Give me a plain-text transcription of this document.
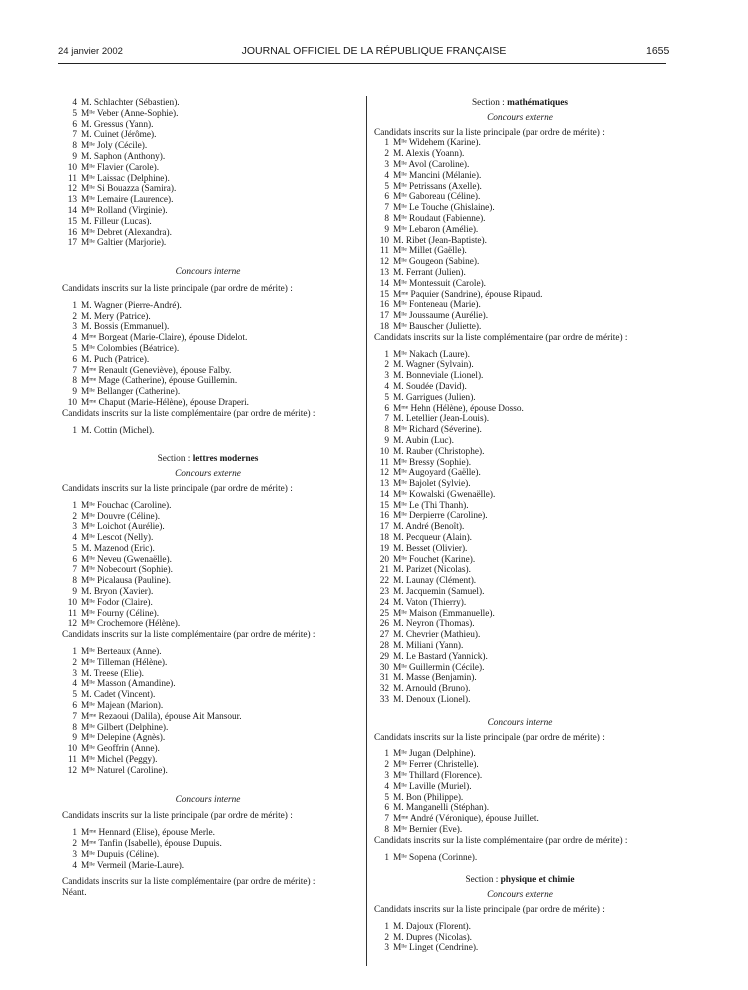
24 janvier 2002	JOURNAL OFFICIEL DE LA RÉPUBLIQUE FRANÇAISE	1655
4 M. Schlachter (Sébastien).
5 Mˡˡᵉ Veber (Anne-Sophie).
6 M. Gressus (Yann).
7 M. Cuinet (Jérôme).
8 Mˡˡᵉ Joly (Cécile).
9 M. Saphon (Anthony).
10 Mˡˡᵉ Flavier (Carole).
11 Mˡˡᵉ Laissac (Delphine).
12 Mˡˡᵉ Si Bouazza (Samira).
13 Mˡˡᵉ Lemaire (Laurence).
14 Mˡˡᵉ Rolland (Virginie).
15 M. Filleur (Lucas).
16 Mˡˡᵉ Debret (Alexandra).
17 Mˡˡᵉ Galtier (Marjorie).
Concours interne
Candidats inscrits sur la liste principale (par ordre de mérite) :
1 M. Wagner (Pierre-André).
2 M. Mery (Patrice).
3 M. Bossis (Emmanuel).
4 Mᵐᵉ Borgeat (Marie-Claire), épouse Didelot.
5 Mˡˡᵉ Colombies (Béatrice).
6 M. Puch (Patrice).
7 Mᵐᵉ Renault (Geneviève), épouse Falby.
8 Mᵐᵉ Mage (Catherine), épouse Guillemin.
9 Mˡˡᵉ Bellanger (Catherine).
10 Mᵐᵉ Chaput (Marie-Hélène), épouse Draperi.
Candidats inscrits sur la liste complémentaire (par ordre de mérite) :
1 M. Cottin (Michel).
Section : lettres modernes
Concours externe
Candidats inscrits sur la liste principale (par ordre de mérite) :
1 Mˡˡᵉ Fouchac (Caroline).
2 Mˡˡᵉ Douvre (Céline).
3 Mˡˡᵉ Loichot (Aurélie).
4 Mˡˡᵉ Lescot (Nelly).
5 M. Mazenod (Eric).
6 Mˡˡᵉ Neveu (Gwenaëlle).
7 Mˡˡᵉ Nobecourt (Sophie).
8 Mˡˡᵉ Picalausa (Pauline).
9 M. Bryon (Xavier).
10 Mˡˡᵉ Fodor (Claire).
11 Mˡˡᵉ Fourny (Céline).
12 Mˡˡᵉ Crochemore (Hélène).
Candidats inscrits sur la liste complémentaire (par ordre de mérite) :
1 Mˡˡᵉ Berteaux (Anne).
2 Mˡˡᵉ Tilleman (Hélène).
3 M. Treese (Elie).
4 Mˡˡᵉ Masson (Amandine).
5 M. Cadet (Vincent).
6 Mˡˡᵉ Majean (Marion).
7 Mᵐᵉ Rezaoui (Dalila), épouse Ait Mansour.
8 Mˡˡᵉ Gilbert (Delphine).
9 Mˡˡᵉ Delepine (Agnès).
10 Mˡˡᵉ Geoffrin (Anne).
11 Mˡˡᵉ Michel (Peggy).
12 Mˡˡᵉ Naturel (Caroline).
Concours interne
Candidats inscrits sur la liste principale (par ordre de mérite) :
1 Mᵐᵉ Hennard (Elise), épouse Merle.
2 Mᵐᵉ Tanfin (Isabelle), épouse Dupuis.
3 Mˡˡᵉ Dupuis (Céline).
4 Mˡˡᵉ Vermeil (Marie-Laure).
Candidats inscrits sur la liste complémentaire (par ordre de mérite) :
Néant.
Section : mathématiques
Concours externe
Candidats inscrits sur la liste principale (par ordre de mérite) :
1 Mˡˡᵉ Widehem (Karine).
2 M. Alexis (Yoann).
3 Mˡˡᵉ Avol (Caroline).
4 Mˡˡᵉ Mancini (Mélanie).
5 Mˡˡᵉ Petrissans (Axelle).
6 Mˡˡᵉ Gaboreau (Céline).
7 Mˡˡᵉ Le Touche (Ghislaine).
8 Mˡˡᵉ Roudaut (Fabienne).
9 Mˡˡᵉ Lebaron (Amélie).
10 M. Ribet (Jean-Baptiste).
11 Mˡˡᵉ Millet (Gaëlle).
12 Mˡˡᵉ Gougeon (Sabine).
13 M. Ferrant (Julien).
14 Mˡˡᵉ Montessuit (Carole).
15 Mᵐᵉ Paquier (Sandrine), épouse Ripaud.
16 Mˡˡᵉ Fonteneau (Marie).
17 Mˡˡᵉ Joussaume (Aurélie).
18 Mˡˡᵉ Bauscher (Juliette).
Candidats inscrits sur la liste complémentaire (par ordre de mérite) :
1 Mˡˡᵉ Nakach (Laure).
2 M. Wagner (Sylvain).
3 M. Bonneviale (Lionel).
4 M. Soudée (David).
5 M. Garrigues (Julien).
6 Mᵐᵉ Hehn (Hélène), épouse Dosso.
7 M. Letellier (Jean-Louis).
8 Mˡˡᵉ Richard (Séverine).
9 M. Aubin (Luc).
10 M. Rauber (Christophe).
11 Mˡˡᵉ Bressy (Sophie).
12 Mˡˡᵉ Augoyard (Gaëlle).
13 Mˡˡᵉ Bajolet (Sylvie).
14 Mˡˡᵉ Kowalski (Gwenaëlle).
15 Mˡˡᵉ Le (Thi Thanh).
16 Mˡˡᵉ Derpierre (Caroline).
17 M. André (Benoît).
18 M. Pecqueur (Alain).
19 M. Besset (Olivier).
20 Mˡˡᵉ Fouchet (Karine).
21 M. Parizet (Nicolas).
22 M. Launay (Clément).
23 M. Jacquemin (Samuel).
24 M. Vaton (Thierry).
25 Mˡˡᵉ Maison (Emmanuelle).
26 M. Neyron (Thomas).
27 M. Chevrier (Mathieu).
28 M. Miliani (Yann).
29 M. Le Bastard (Yannick).
30 Mˡˡᵉ Guillermin (Cécile).
31 M. Masse (Benjamin).
32 M. Arnould (Bruno).
33 M. Denoux (Lionel).
Concours interne
Candidats inscrits sur la liste principale (par ordre de mérite) :
1 Mˡˡᵉ Jugan (Delphine).
2 Mˡˡᵉ Ferrer (Christelle).
3 Mˡˡᵉ Thillard (Florence).
4 Mˡˡᵉ Laville (Muriel).
5 M. Bon (Philippe).
6 M. Manganelli (Stéphan).
7 Mᵐᵉ André (Véronique), épouse Juillet.
8 Mˡˡᵉ Bernier (Eve).
Candidats inscrits sur la liste complémentaire (par ordre de mérite) :
1 Mˡˡᵉ Sopena (Corinne).
Section : physique et chimie
Concours externe
Candidats inscrits sur la liste principale (par ordre de mérite) :
1 M. Dajoux (Florent).
2 M. Dupres (Nicolas).
3 Mˡˡᵉ Linget (Cendrine).
